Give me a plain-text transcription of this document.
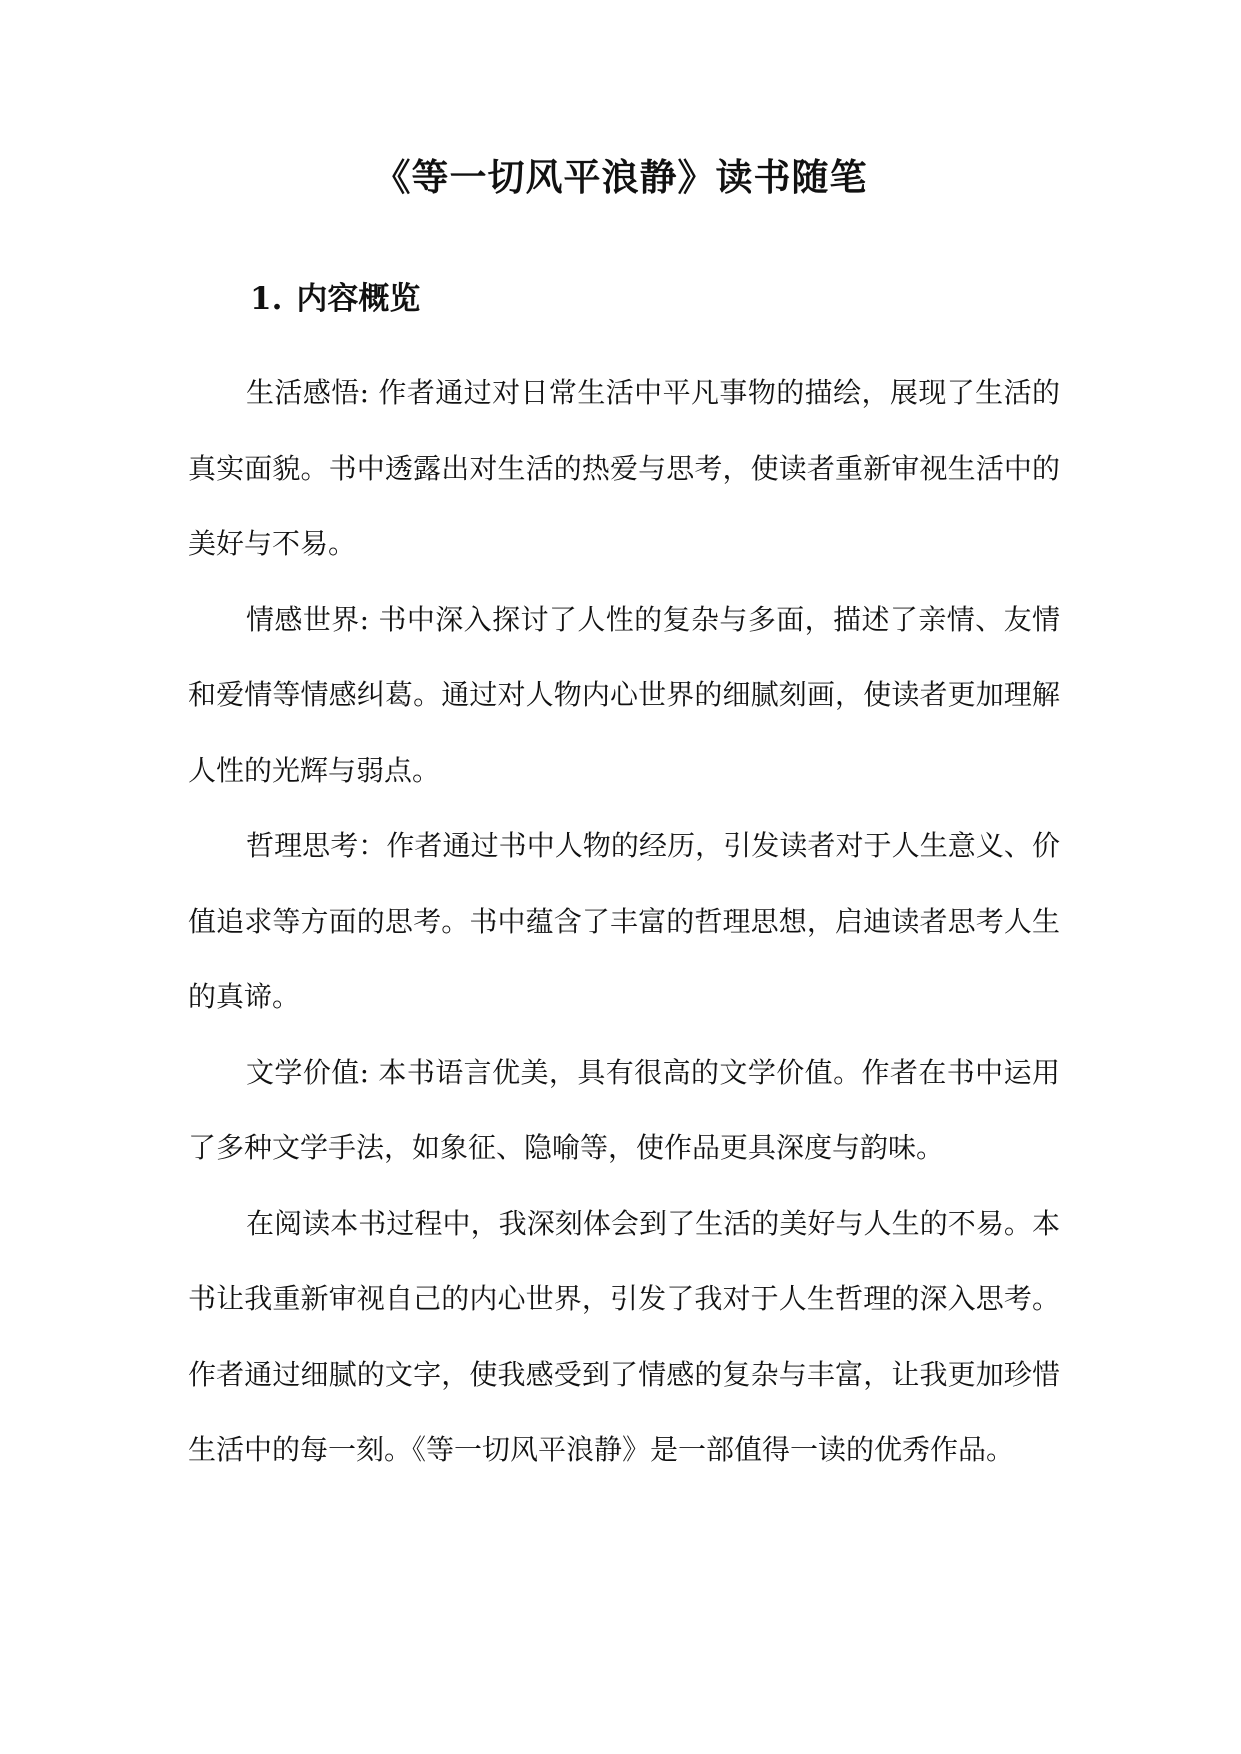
《等一切风平浪静》读书随笔
1. 内容概览

生活感悟: 作者通过对日常生活中平凡事物的描绘，展现了生活的真实面貌。书中透露出对生活的热爱与思考，使读者重新审视生活中的美好与不易。

情感世界: 书中深入探讨了人性的复杂与多面，描述了亲情、友情和爱情等情感纠葛。通过对人物内心世界的细腻刻画，使读者更加理解人性的光辉与弱点。

哲理思考：作者通过书中人物的经历，引发读者对于人生意义、价值追求等方面的思考。书中蕴含了丰富的哲理思想，启迪读者思考人生的真谛。

文学价值: 本书语言优美，具有很高的文学价值。作者在书中运用了多种文学手法，如象征、隐喻等，使作品更具深度与韵味。

在阅读本书过程中，我深刻体会到了生活的美好与人生的不易。本书让我重新审视自己的内心世界，引发了我对于人生哲理的深入思考。作者通过细腻的文字，使我感受到了情感的复杂与丰富，让我更加珍惜生活中的每一刻。《等一切风平浪静》是一部值得一读的优秀作品。
